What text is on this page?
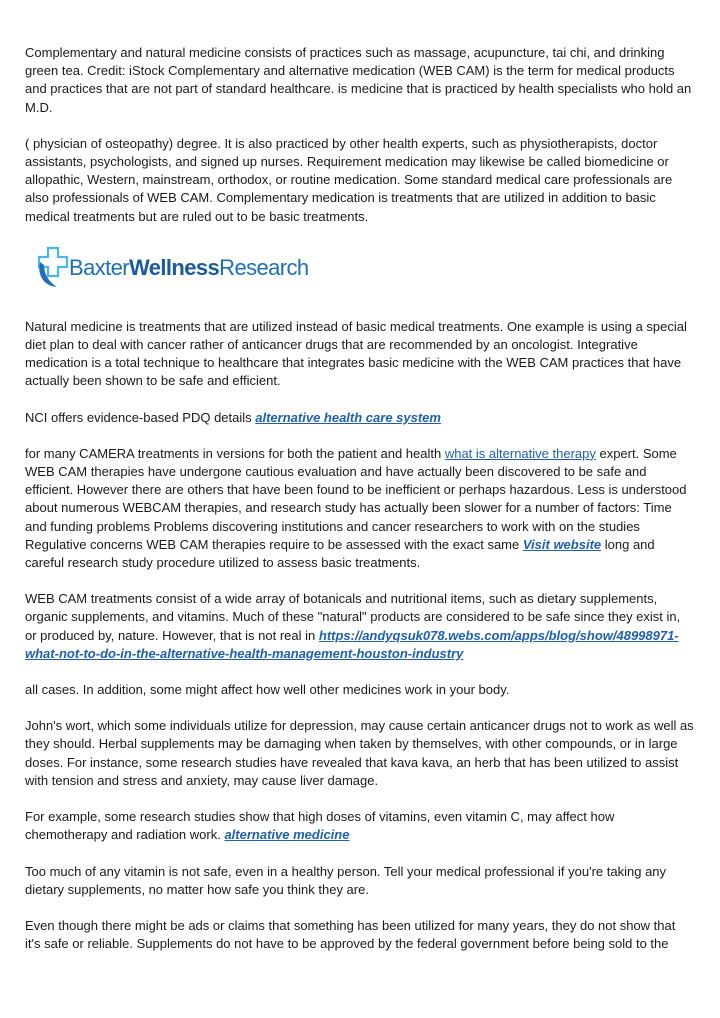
Complementary and natural medicine consists of practices such as massage, acupuncture, tai chi, and drinking green tea. Credit: iStock Complementary and alternative medication (WEB CAM) is the term for medical products and practices that are not part of standard healthcare. is medicine that is practiced by health specialists who hold an M.D.

( physician of osteopathy) degree. It is also practiced by other health experts, such as physiotherapists, doctor assistants, psychologists, and signed up nurses. Requirement medication may likewise be called biomedicine or allopathic, Western, mainstream, orthodox, or routine medication. Some standard medical care professionals are also professionals of WEB CAM. Complementary medication is treatments that are utilized in addition to basic medical treatments but are ruled out to be basic treatments.

BaxterWellnessResearch

Natural medicine is treatments that are utilized instead of basic medical treatments. One example is using a special diet plan to deal with cancer rather of anticancer drugs that are recommended by an oncologist. Integrative medication is a total technique to healthcare that integrates basic medicine with the WEB CAM practices that have actually been shown to be safe and efficient.

NCI offers evidence-based PDQ details alternative health care system

for many CAMERA treatments in versions for both the patient and health what is alternative therapy expert. Some WEB CAM therapies have undergone cautious evaluation and have actually been discovered to be safe and efficient. However there are others that have been found to be inefficient or perhaps hazardous. Less is understood about numerous WEBCAM therapies, and research study has actually been slower for a number of factors: Time and funding problems Problems discovering institutions and cancer researchers to work with on the studies Regulative concerns WEB CAM therapies require to be assessed with the exact same Visit website long and careful research study procedure utilized to assess basic treatments.

WEB CAM treatments consist of a wide array of botanicals and nutritional items, such as dietary supplements, organic supplements, and vitamins. Much of these "natural" products are considered to be safe since they exist in, or produced by, nature. However, that is not real in https://andyqsuk078.webs.com/apps/blog/show/48998971-what-not-to-do-in-the-alternative-health-management-houston-industry

all cases. In addition, some might affect how well other medicines work in your body.

John's wort, which some individuals utilize for depression, may cause certain anticancer drugs not to work as well as they should. Herbal supplements may be damaging when taken by themselves, with other compounds, or in large doses. For instance, some research studies have revealed that kava kava, an herb that has been utilized to assist with tension and stress and anxiety, may cause liver damage.

For example, some research studies show that high doses of vitamins, even vitamin C, may affect how chemotherapy and radiation work. alternative medicine

Too much of any vitamin is not safe, even in a healthy person. Tell your medical professional if you're taking any dietary supplements, no matter how safe you think they are.

Even though there might be ads or claims that something has been utilized for many years, they do not show that it's safe or reliable. Supplements do not have to be approved by the federal government before being sold to the
